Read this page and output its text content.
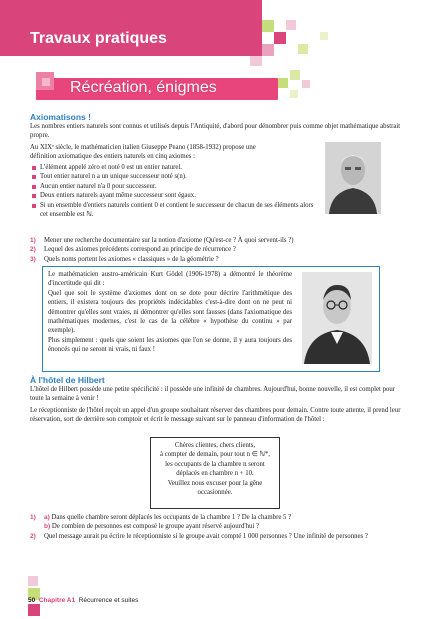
Travaux pratiques
Récréation, énigmes
Axiomatisons !
Les nombres entiers naturels sont connus et utilisés depuis l'Antiquité, d'abord pour dénombrer puis comme objet mathématique abstrait propre.
Au XIXᵉ siècle, le mathématicien italien Giuseppe Peano (1858-1932) propose une
définition axiomatique des entiers naturels en cinq axiomes :
L'élément appelé zéro et noté 0 est un entier naturel.
Tout entier naturel n a un unique successeur noté s(n).
Aucun entier naturel n'a 0 pour successeur.
Deux entiers naturels ayant même successeur sont égaux.
Si un ensemble d'entiers naturels contient 0 et contient le successeur de chacun de ses éléments alors cet ensemble est ℕ.
1) Mener une recherche documentaire sur la notion d'axiome (Qu'est-ce ? À quoi servent-ils ?)
2) Lequel des axiomes précédents correspond au principe de récurrence ?
3) Quels noms portent les axiomes « classiques » de la géométrie ?
Le mathématicien austro-américain Kurt Gödel (1906-1978) a démontré le théorème d'incertitude qui dit :
Quel que soit le système d'axiomes dont on se dote pour décrire l'arithmétique des entiers, il existera toujours des propriétés indécidables c'est-à-dire dont on ne peut ni démontrer qu'elles sont vraies, ni démontrer qu'elles sont fausses (dans l'axiomatique des mathématiques modernes, c'est le cas de la célèbre « hypothèse du continu » par exemple).
Plus simplement : quels que soient les axiomes que l'on se donne, il y aura toujours des énoncés qui ne seront ni vrais, ni faux !
À l'hôtel de Hilbert
L'hôtel de Hilbert possède une petite spécificité : il possède une infinité de chambres. Aujourd'hui, bonne nouvelle, il est complet pour toute la semaine à venir !
Le réceptionniste de l'hôtel reçoit un appel d'un groupe souhaitant réserver des chambres pour demain. Contre toute attente, il prend leur réservation, sort de derrière son comptoir et écrit le message suivant sur le panneau d'information de l'hôtel :
Chères clientes, chers clients,
à compter de demain, pour tout n ∈ ℕ*,
les occupants de la chambre n seront
déplacés en chambre n + 10.
Veuillez nous excuser pour la gêne
occasionnée.
1) a) Dans quelle chambre seront déplacés les occupants de la chambre 1 ? De la chambre 5 ?
b) De combien de personnes est composé le groupe ayant réservé aujourd'hui ?
2) Quel message aurait pu écrire le réceptionniste si le groupe avait compté 1 000 personnes ? Une infinité de personnes ?
50 Chapitre A1 Récurrence et suites
